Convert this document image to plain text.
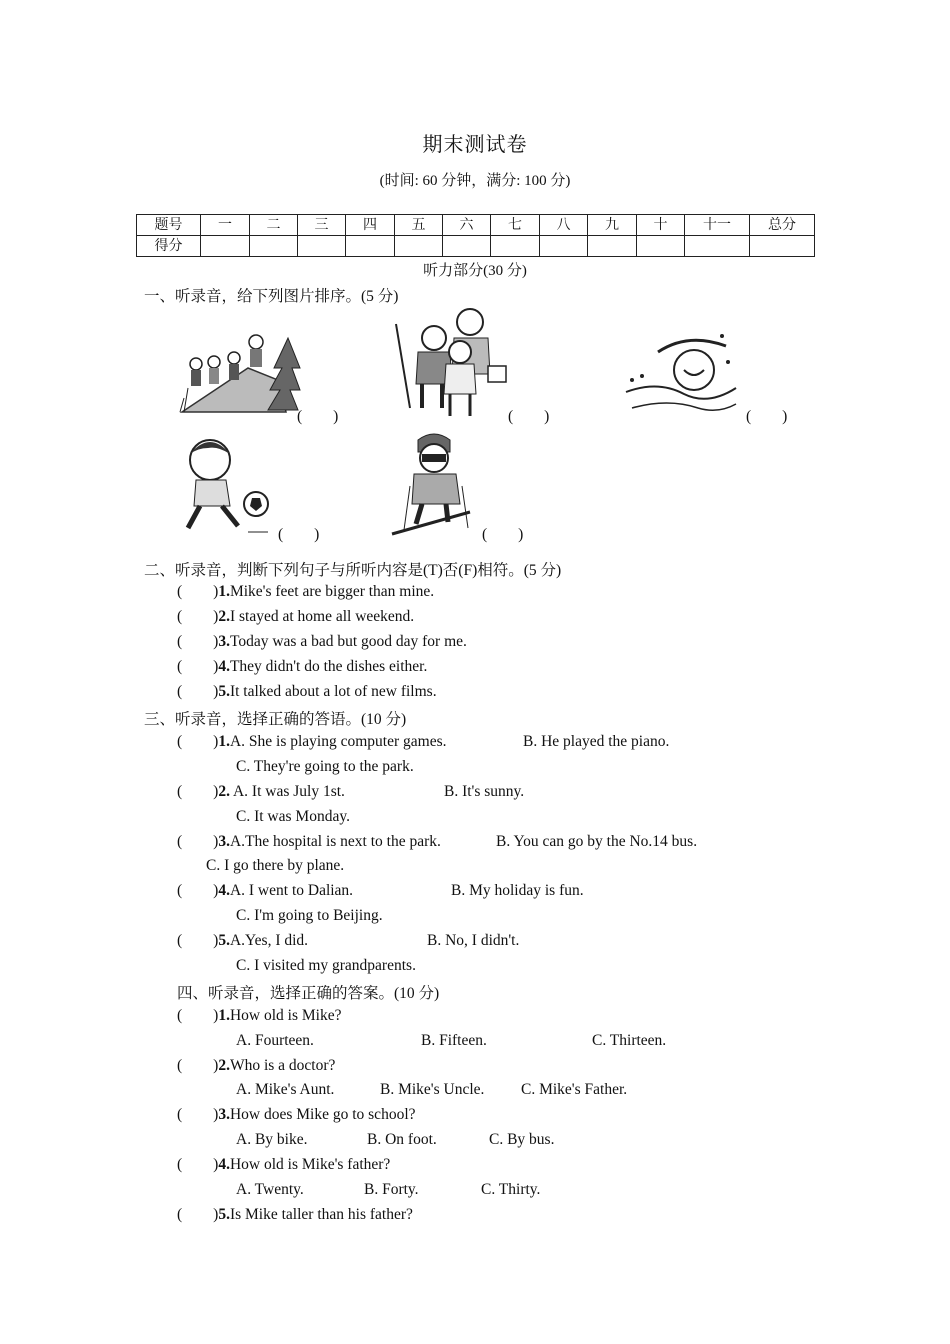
期末测试卷
(时间: 60 分钟，满分: 100 分)
题号	一	二	三	四	五	六	七	八	九	十	十一	总分
得分												
听力部分(30 分)
一、听录音，给下列图片排序。(5 分)
(　　)	(　　)	(　　)
(　　)	(　　)
二、听录音，判断下列句子与所听内容是(T)否(F)相符。(5 分)
(　　)1.Mike's feet are bigger than mine.
(　　)2.I stayed at home all weekend.
(　　)3.Today was a bad but good day for me.
(　　)4.They didn't do the dishes either.
(　　)5.It talked about a lot of new films.
三、听录音，选择正确的答语。(10 分)
(　　)1.A. She is playing computer games.	B. He played the piano.
C. They're going to the park.
(　　)2. A. It was July 1st.	B. It's sunny.
C. It was Monday.
(　　)3.A.The hospital is next to the park.	B. You can go by the No.14 bus.
C. I go there by plane.
(　　)4.A. I went to Dalian.	B. My holiday is fun.
C. I'm going to Beijing.
(　　)5.A.Yes, I did.	B. No, I didn't.
C. I visited my grandparents.
四、听录音，选择正确的答案。(10 分)
(　　)1.How old is Mike?
A. Fourteen.	B. Fifteen.	C. Thirteen.
(　　)2.Who is a doctor?
A. Mike's Aunt.	B. Mike's Uncle. C. Mike's Father.
(　　)3.How does Mike go to school?
A. By bike.	B. On foot.	C. By bus.
(　　)4.How old is Mike's father?
A. Twenty.	B. Forty.	C. Thirty.
(　　)5.Is Mike taller than his father?
